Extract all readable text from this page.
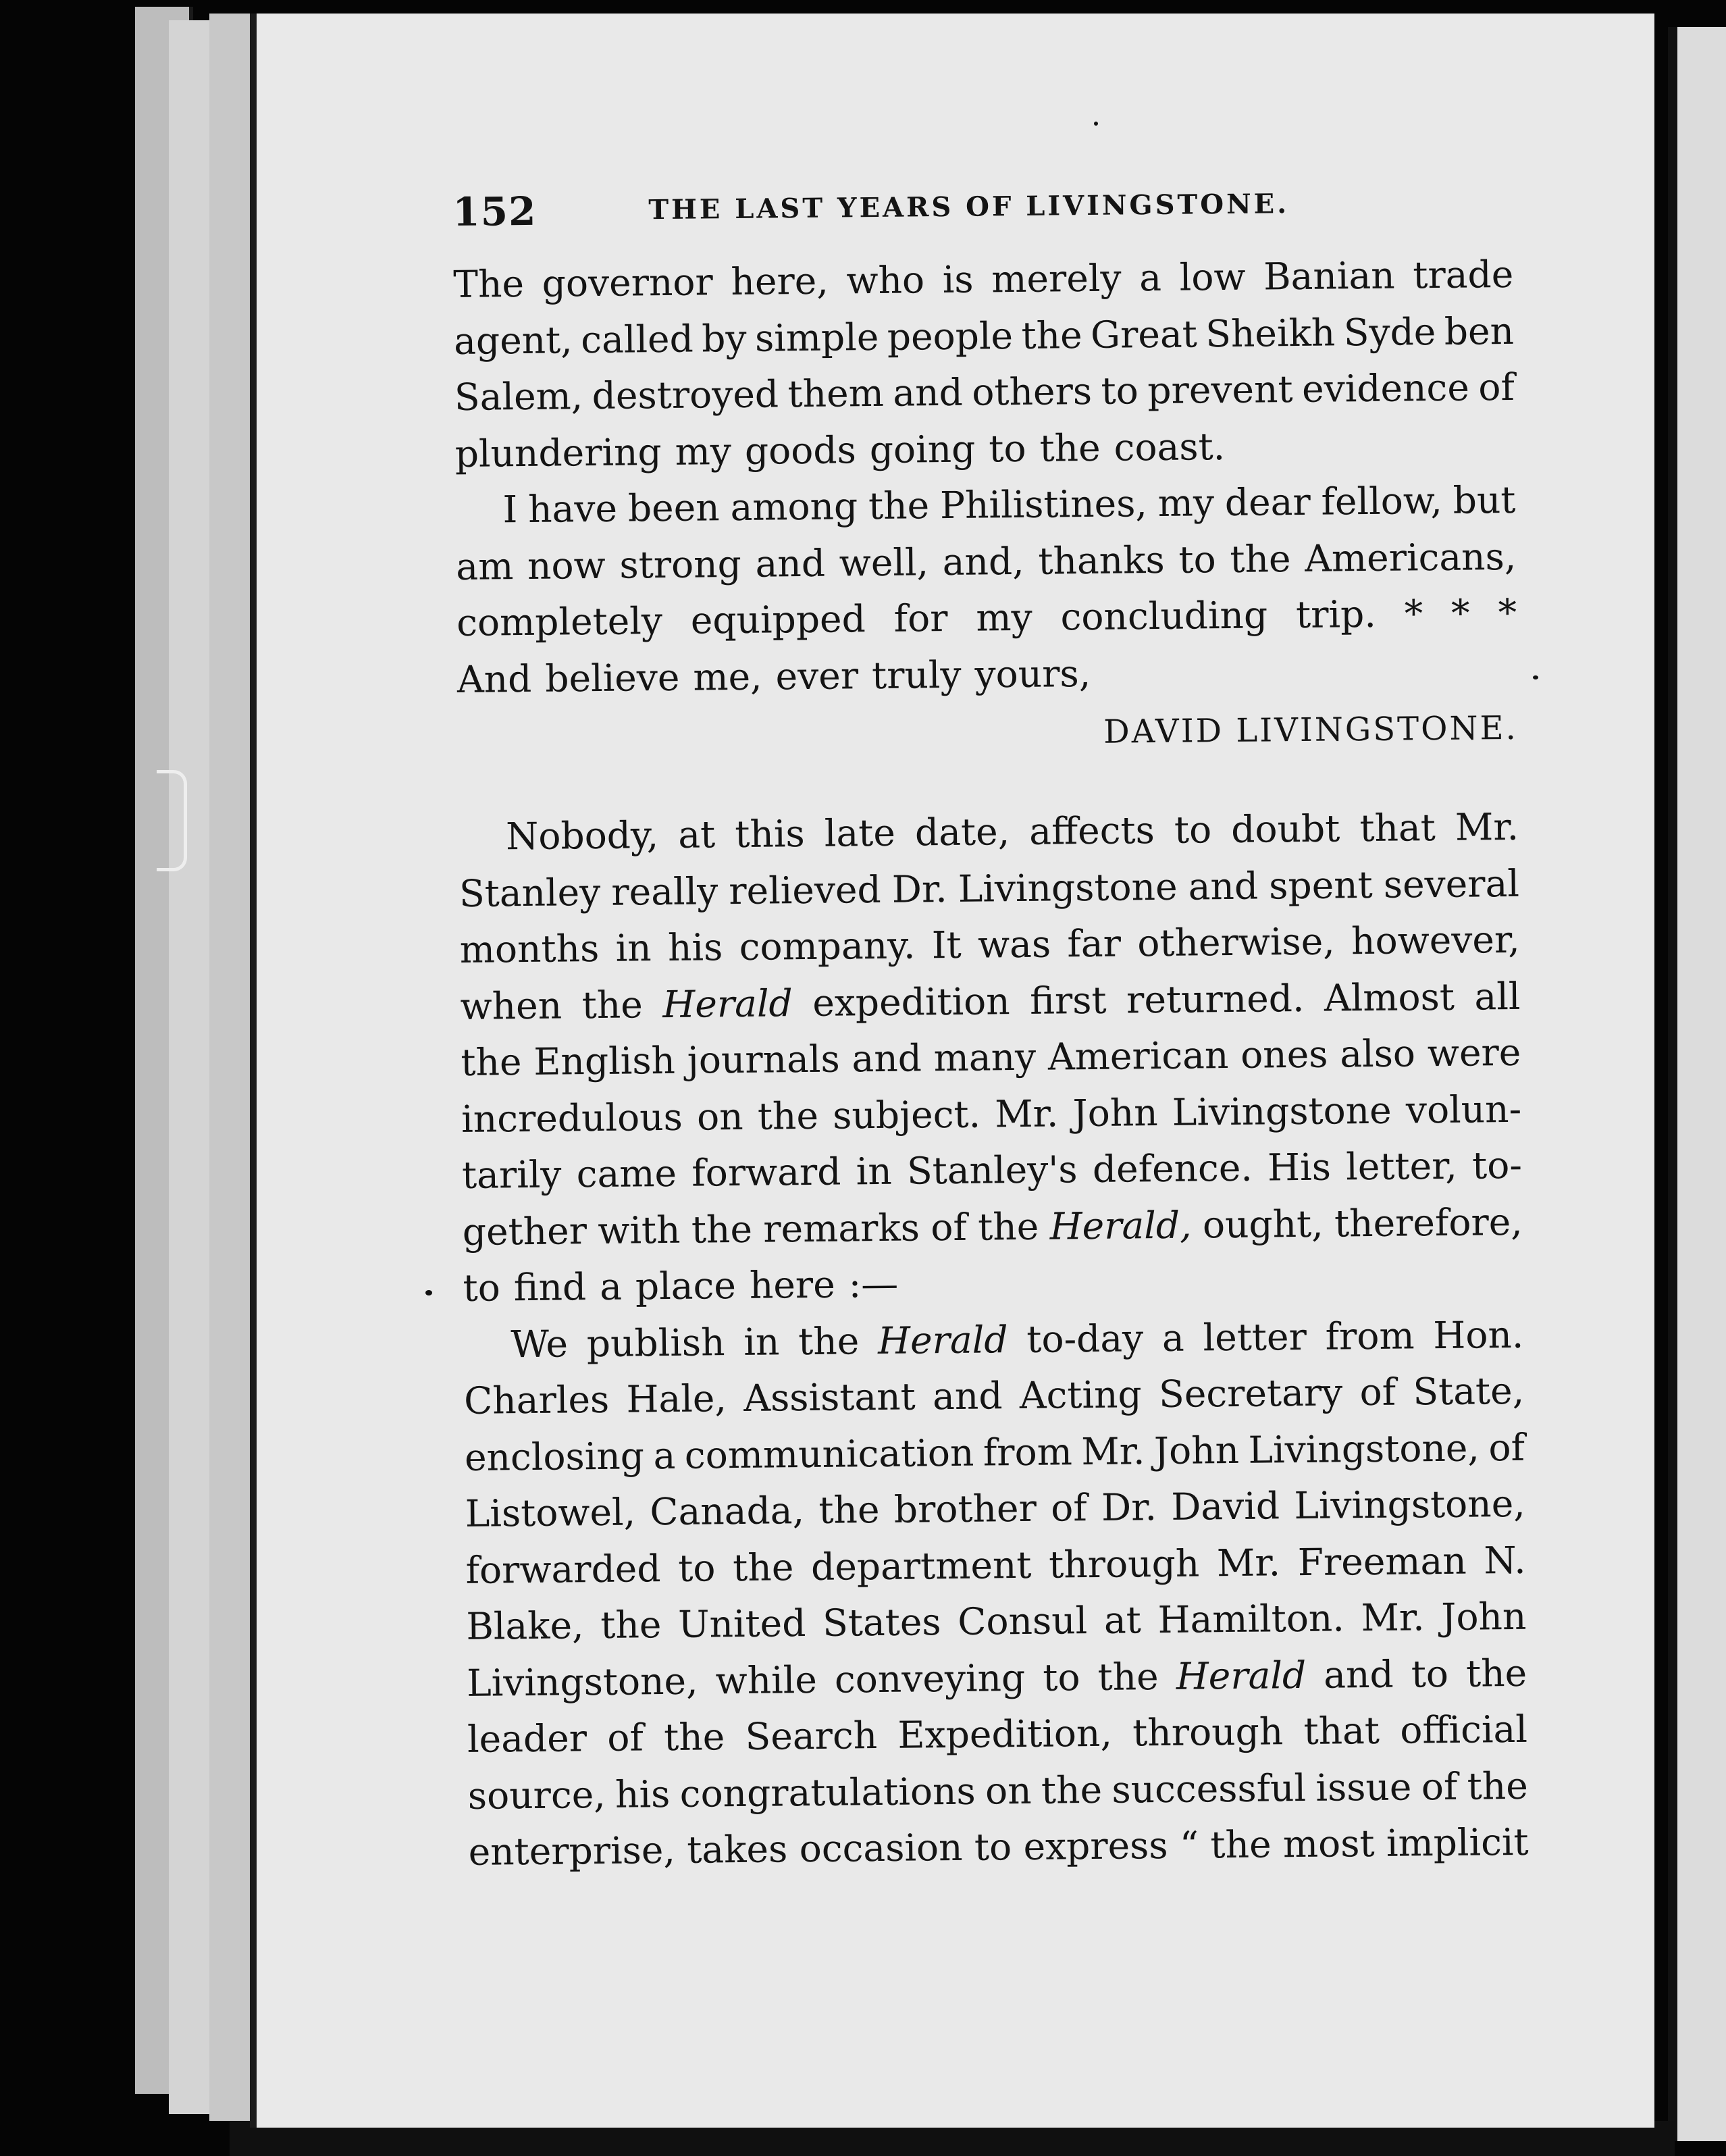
152	THE LAST YEARS OF LIVINGSTONE.
The governor here, who is merely a low Banian trade
agent, called by simple people the Great Sheikh Syde ben
Salem, destroyed them and others to prevent evidence of
plundering my goods going to the coast.
I have been among the Philistines, my dear fellow, but
am now strong and well, and, thanks to the Americans,
completely equipped for my concluding trip. * * *
And believe me, ever truly yours,
DAVID LIVINGSTONE.
Nobody, at this late date, affects to doubt that Mr.
Stanley really relieved Dr. Livingstone and spent several
months in his company. It was far otherwise, however,
when the Herald expedition first returned. Almost all
the English journals and many American ones also were
incredulous on the subject. Mr. John Livingstone volun-
tarily came forward in Stanley's defence. His letter, to-
gether with the remarks of the Herald, ought, therefore,
to find a place here :—
We publish in the Herald to-day a letter from Hon.
Charles Hale, Assistant and Acting Secretary of State,
enclosing a communication from Mr. John Livingstone, of
Listowel, Canada, the brother of Dr. David Livingstone,
forwarded to the department through Mr. Freeman N.
Blake, the United States Consul at Hamilton. Mr. John
Livingstone, while conveying to the Herald and to the
leader of the Search Expedition, through that official
source, his congratulations on the successful issue of the
enterprise, takes occasion to express “ the most implicit
